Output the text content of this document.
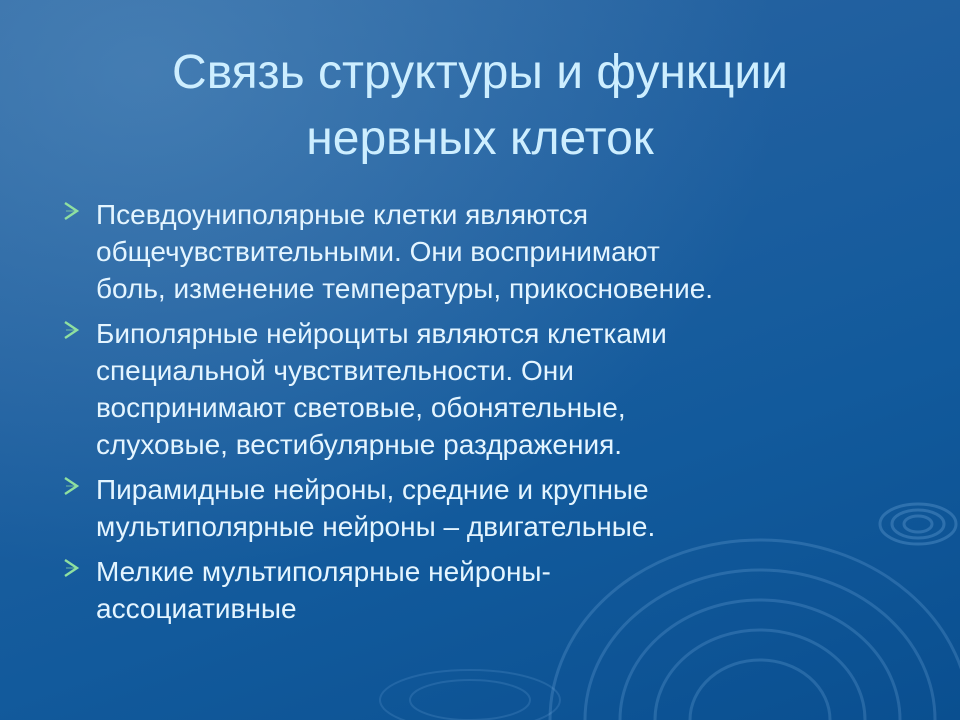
Связь структуры и функции
нервных клеток
Псевдоуниполярные клетки являются
общечувствительными. Они воспринимают
боль, изменение температуры, прикосновение.
Биполярные нейроциты являются клетками
специальной чувствительности. Они
воспринимают световые, обонятельные,
слуховые, вестибулярные раздражения.
Пирамидные нейроны, средние и крупные
мультиполярные нейроны – двигательные.
Мелкие мультиполярные нейроны-
ассоциативные
